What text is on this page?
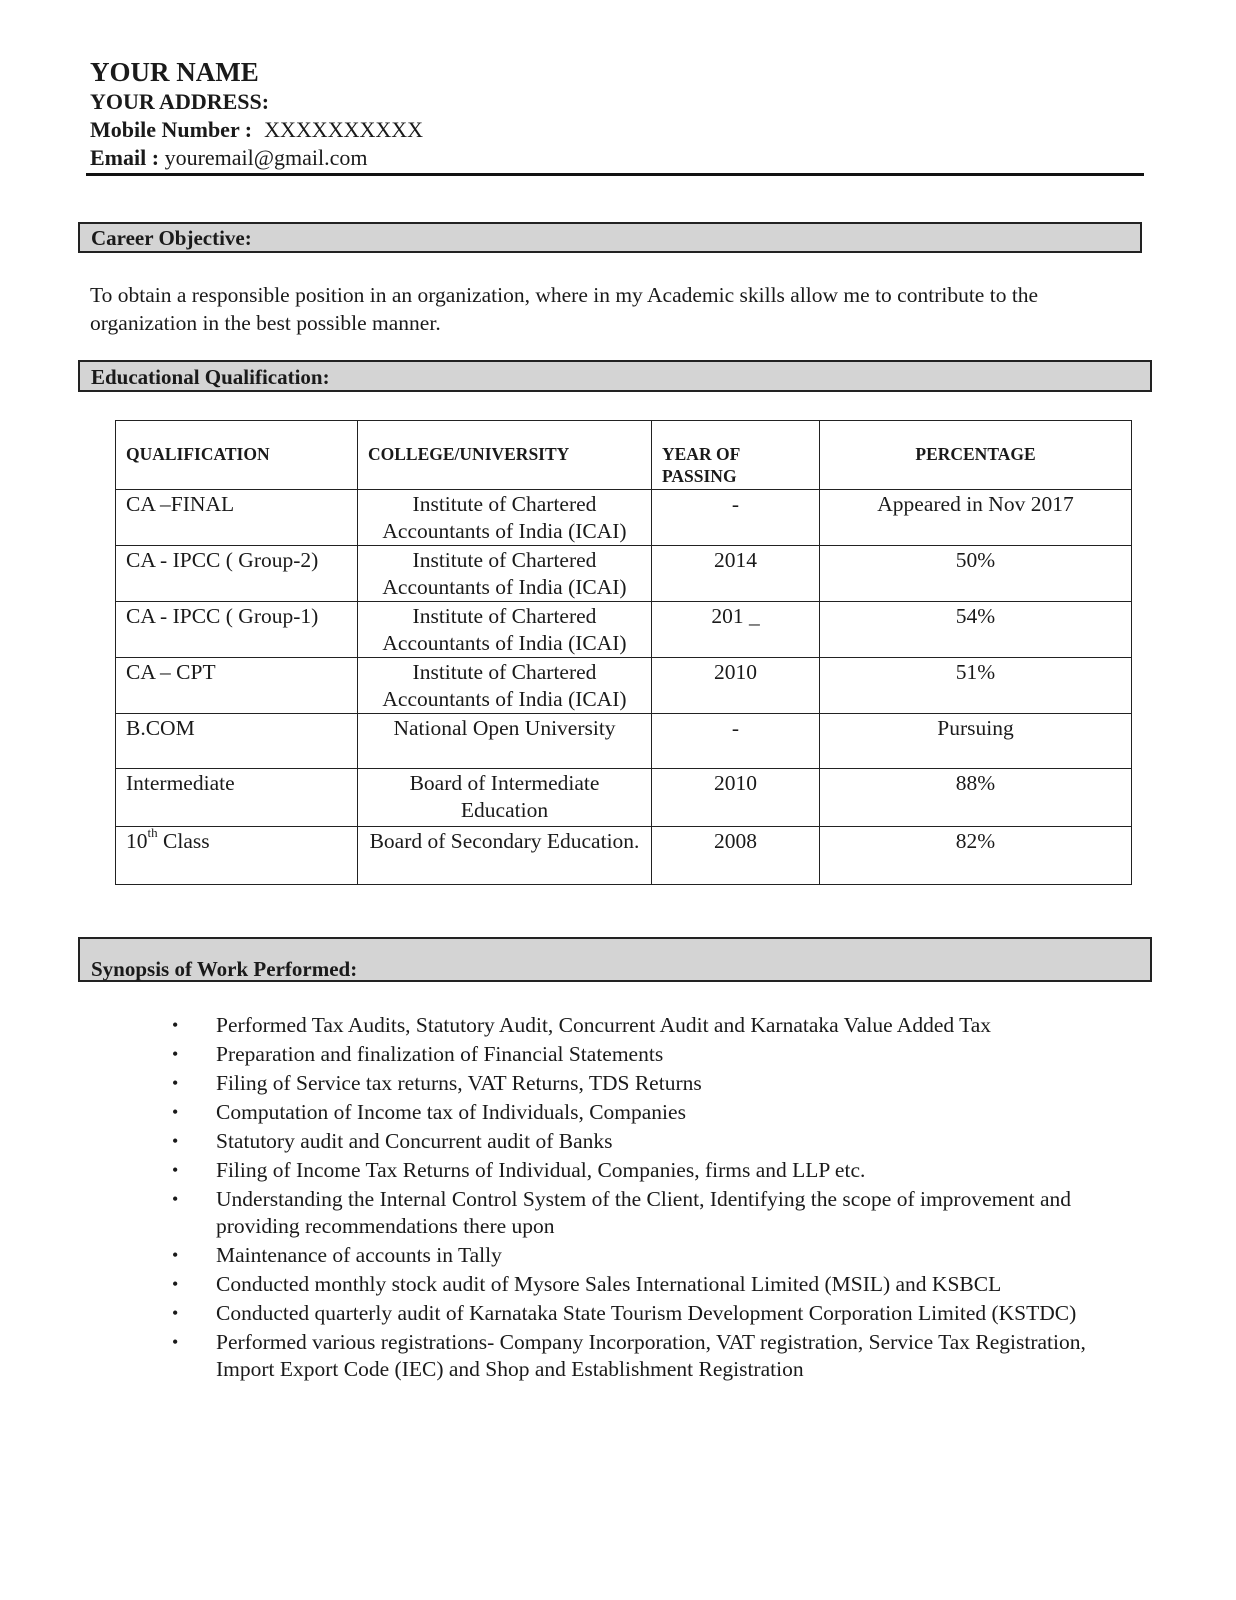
YOUR NAME
YOUR ADDRESS:
Mobile Number : XXXXXXXXXX
Email : youremail@gmail.com
Career Objective:
To obtain a responsible position in an organization, where in my Academic skills allow me to contribute to the organization in the best possible manner.
Educational Qualification:
QUALIFICATION	COLLEGE/UNIVERSITY	YEAR OF PASSING	PERCENTAGE
CA –FINAL	Institute of Chartered Accountants of India (ICAI)	-	Appeared in Nov 2017
CA - IPCC ( Group-2)	Institute of Chartered Accountants of India (ICAI)	2014	50%
CA - IPCC ( Group-1)	Institute of Chartered Accountants of India (ICAI)	201 _	54%
CA – CPT	Institute of Chartered Accountants of India (ICAI)	2010	51%
B.COM	National Open University	-	Pursuing
Intermediate	Board of Intermediate Education	2010	88%
10th Class	Board of Secondary Education.	2008	82%
Synopsis of Work Performed:
• Performed Tax Audits, Statutory Audit, Concurrent Audit and Karnataka Value Added Tax
• Preparation and finalization of Financial Statements
• Filing of Service tax returns, VAT Returns, TDS Returns
• Computation of Income tax of Individuals, Companies
• Statutory audit and Concurrent audit of Banks
• Filing of Income Tax Returns of Individual, Companies, firms and LLP etc.
• Understanding the Internal Control System of the Client, Identifying the scope of improvement and providing recommendations there upon
• Maintenance of accounts in Tally
• Conducted monthly stock audit of Mysore Sales International Limited (MSIL) and KSBCL
• Conducted quarterly audit of Karnataka State Tourism Development Corporation Limited (KSTDC)
• Performed various registrations- Company Incorporation, VAT registration, Service Tax Registration, Import Export Code (IEC) and Shop and Establishment Registration
